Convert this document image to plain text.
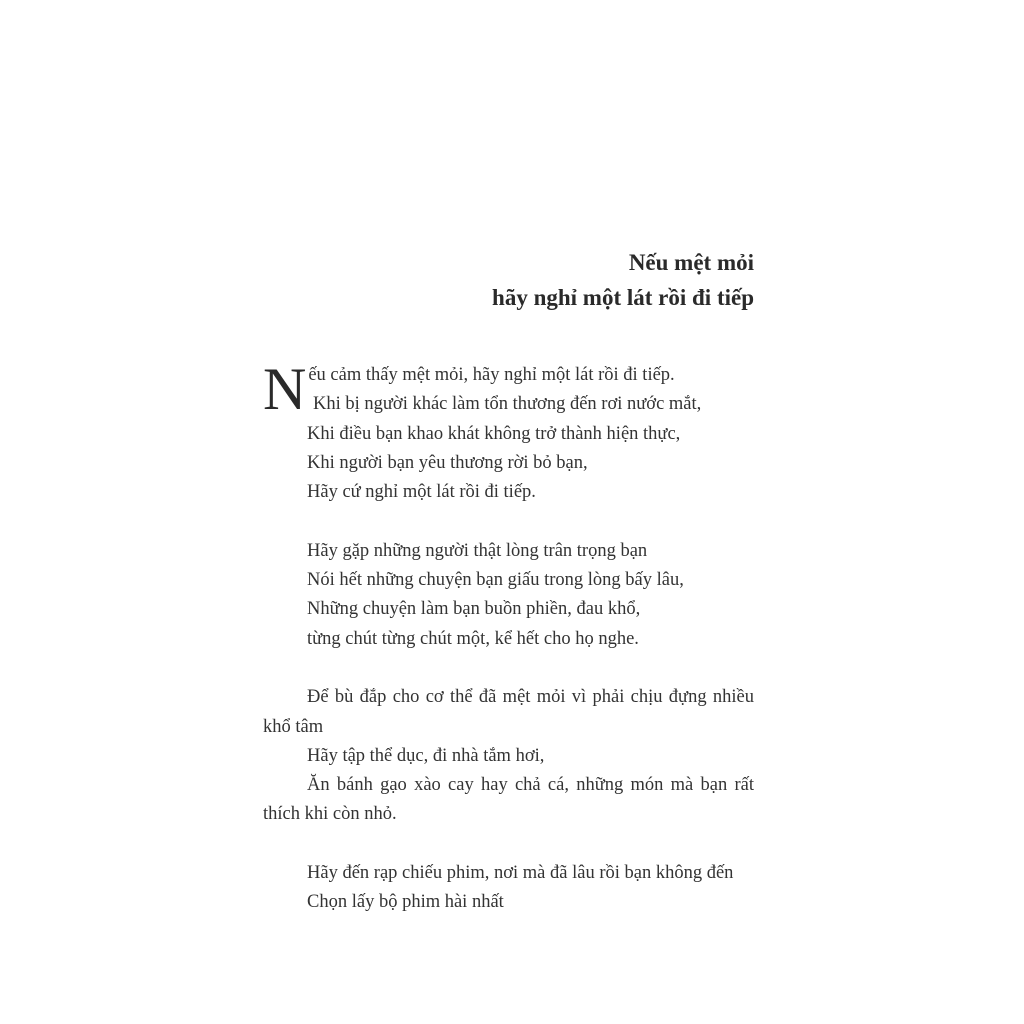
Nếu mệt mỏi
hãy nghỉ một lát rồi đi tiếp
N ếu cảm thấy mệt mỏi, hãy nghỉ một lát rồi đi tiếp.
Khi bị người khác làm tổn thương đến rơi nước mắt,
Khi điều bạn khao khát không trở thành hiện thực,
Khi người bạn yêu thương rời bỏ bạn,
Hãy cứ nghỉ một lát rồi đi tiếp.
Hãy gặp những người thật lòng trân trọng bạn
Nói hết những chuyện bạn giấu trong lòng bấy lâu,
Những chuyện làm bạn buồn phiền, đau khổ,
từng chút từng chút một, kể hết cho họ nghe.
Để bù đắp cho cơ thể đã mệt mỏi vì phải chịu đựng nhiều khổ tâm
Hãy tập thể dục, đi nhà tắm hơi,
Ăn bánh gạo xào cay hay chả cá, những món mà bạn rất thích khi còn nhỏ.
Hãy đến rạp chiếu phim, nơi mà đã lâu rồi bạn không đến
Chọn lấy bộ phim hài nhất
